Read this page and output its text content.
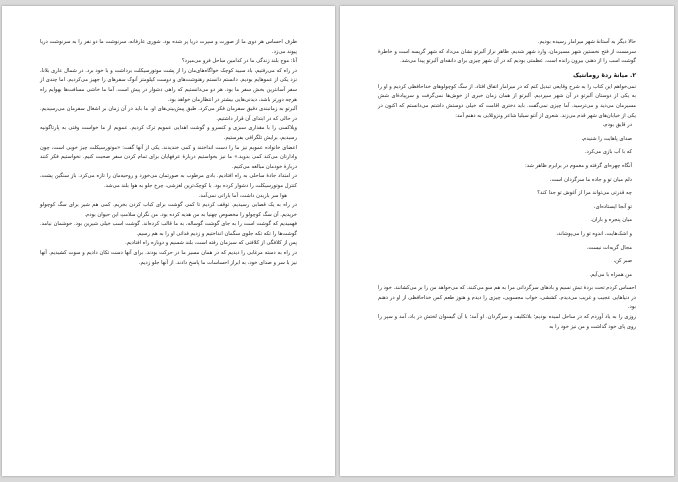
ظرف احساس هر دوی ما از صورت و سپرت دریا پر شده بود. شوری عارفانه، سرنوشت ما دو نفر را به سرنوشت دریا پیوند می‌زد.

آنا: موج بلند زندگی ما در کدامین ساحل فرو می‌میرد؟

در راه که می‌رفتیم، باد سبید کوچک خواگاه‌های‌مان را از پشت موتورسیکلت برداشت و با خود برد. در شمال عاری بلانا، نزد یکی از عموهایم بودیم. دانستم دانستم رهنوشت‌های و دوست کیلومتر آنوک سفرهای را جهیز می‌کردیم. اما چندی از سفر آسانترین بخش سفر ما بود. هر دو می‌دانستیم که راهی دشوار در پیش است. آما ما خاشی مسافت‌ها بهوایم راه هرچه دورتر باشد، دیدنی‌هایی بیشتر در انتظارمان خواهد بود.

آلبرتو به زمانبندی دقیق سفرمان فکر می‌کرد. طبق پیش‌بینی‌های او، ما باید در آن زمان بر اشغال سفرمان می‌رسیدیم. در حالی که در ابتدای آن قرار داشتیم.

ویلاکسی را با مقداری سبزی و کنسرو و گوشت اهدایی عمویم ترک کردیم. عمویم از ما خواست وفتی به پارتاگونیه رسیدیم، برایش تلگرافی بفرستیم.

اعضای خانواده عمویم نیز ما را دست انداختند و کمی خندیدند. یکی از آنها گفت: «موتورسیکلت چیز خوبی است، چون وادارتان می‌کند کمی بدوید.» ما نیز بخواستیم دربارهٔ عرفهایان برای تمام کردن سفر صحبت کنیم. نخواستیم فکر کنند دربارهٔ خودمان مبالغه می‌کنیم.

در امتداد جادهٔ ساحلی به راه افتادیم. بادی مرطوب به صورتمان می‌خورد و روحیه‌مان را تازه می‌کرد. باز سنگین پشت، کنترل موتورسیکلت را دشوار کرده بود. با کوچک‌ترین لغزشی، چرخ جلو به هوا بلند می‌شد.

هوا سر باریدن داشت، آما باراتی نمی‌آمد.

در راه به یک قصابی رسیدیم. توقف کردیم تا کمی گوشت برای کباب کردن بخریم. کمی هم شیر برای سگ کوچولو خریدیم. آن سگ کوچولو را مخصوص چهنیا به من هدیه کرده بود. من نگرانِ سلامتِ این حیوان بودم.

فهمیدیم که گوشت است را به جای گوشت گوساله، به ما قالب کرده‌اند. گوشت اسب خیلی شیرین بود. خوشمان نیامد. گوشت‌ها را تکه تکه جلوی سگمان انداختیم و زدیم فداتی او را به هم رسیم.

پس از کلافگی از کلافتی که سبزمان رفته است، بلند شسیم و دوباره راه افتادیم.

در راه به دسته مرغابی را دیدیم که در همان مسیر ما در حرکت بودند. برای آنها دست تکان دادیم و سوت کشیدیم. آنها نیز با سر و صدای خود، به ابراز احساسات ما پاسخ دادند. از آنها جلو زدیم.

حالا دیگر به آستانهٔ شهر میرامار رسیده بودیم.

سرمست از فتح نخستین شهر مسیرمان، وارد شهر شدیم. ظاهر نراز آلبرتو نشان می‌داد که شهر گریسه است و خاطرهٔ گوشت اسب را از ذهنی بیرون رانده است. عظمتی بودیم که در آن شهر چیزی برای دانقه‌ای آلبرتو پیدا می‌شد.

۲. میانهٔ ردهٔ رومانتیک

نمی‌خواهم این کتاب را به شرح وقایعی تبدیل کنم که در میرامار اتفاق افتاد. از سگ کوچولوهای خداحافظی کردیم و او را به یکی از دوستان آلبرتو در آن شهر سپردیم. آلبرتو از همان زمان خبری از خوش‌ها نمی‌گرفت و سرپیادهٔ‌ای شش مسیرمان می‌دید و می‌ترسید. آما چیزی نمی‌گفت. باید دختری اقامت که خیلی دوستش داشتم می‌دانستم که اکنون در یکی از خیابان‌های شهر قدم می‌زند. شعری از آنتو سیلیا شاعر ونزوئلایی به ذهنم آمد:

در قایق بودم،
صدای پاهایت را شنیدم،
که با آب بازی می‌کرد.
آنگاه چهره‌ای گرفته و مغموم در برابرم ظاهر شد:
دلم میان تو و جاده ما سرگردان است،
چه قدرتی می‌تواند مرا از آغوش تو جدا کند؟
تو آنجا ایستاده‌ای،
میان پنجره و باران.
و اشک‌هایت، اندوه تو را می‌پوشاند،
مجال گریه‌ات نیست،
صبر کن،
من همراه با می‌آیم.

احساس کردم تحت بردهٔ تبش نسیم و بادهای سرگردانی مرا به هم سو می‌کنند. که می‌خواهد من را بر می‌کشانند. خود را در دنیاهایی عجیب و غریب می‌دیدم. کششی، خواب مجسویی، چیزی را دیدم و هنوز طعم کس خداحافظی از او در ذهنم بود.

روزی را به یاد آوردم که در ساحل لمیده بودیم؛ بلاتکلیف و سرگردان. او آمد؛ با آن گیسوان لختش در باد، آمد و سپر را روی پای خود گذاشت و من نیز خود را به
